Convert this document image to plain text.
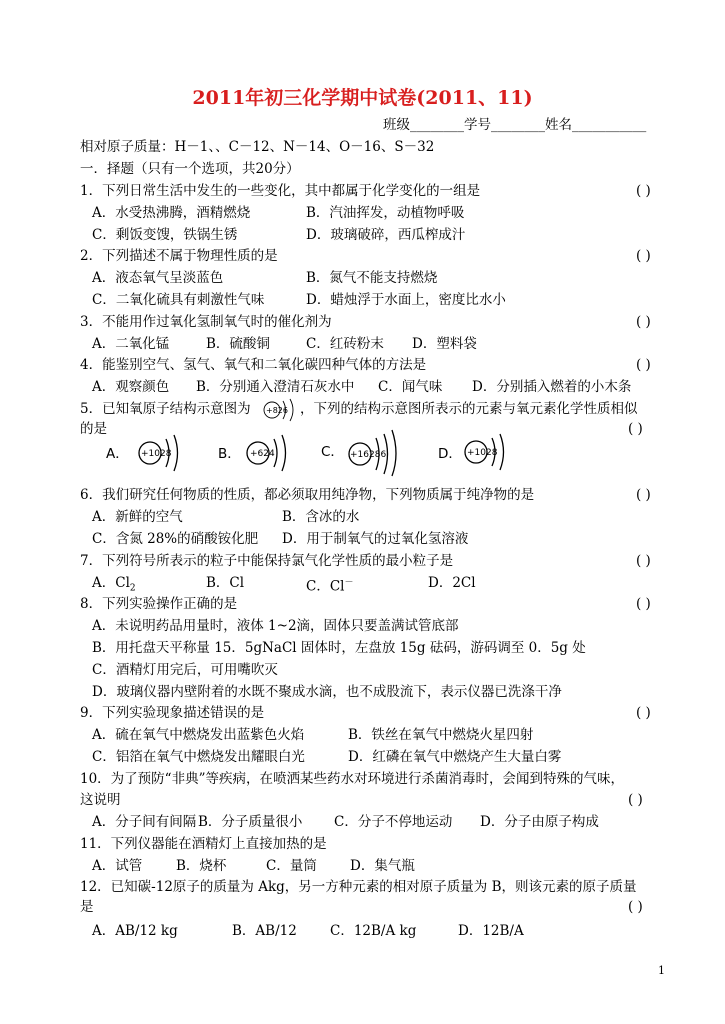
2011年初三化学期中试卷(2011、11)
班级________学号________姓名___________
相对原子质量：H－1、、C－12、N－14、O－16、S－32
一．择题（只有一个选项，共20分）
1．下列日常生活中发生的一些变化，其中都属于化学变化的一组是	( )
A．水受热沸腾，酒精燃烧	B．汽油挥发，动植物呼吸
C．剩饭变馊，铁锅生锈	D．玻璃破碎，西瓜榨成汁
2．下列描述不属于物理性质的是	( )
A．液态氧气呈淡蓝色	B．氮气不能支持燃烧
C．二氧化硫具有刺激性气味	D．蜡烛浮于水面上，密度比水小
3．不能用作过氧化氢制氧气时的催化剂为	( )
A．二氧化锰	B．硫酸铜	C．红砖粉末 D．塑料袋
4．能鉴别空气、氢气、氧气和二氧化碳四种气体的方法是	( )
A．观察颜色 B．分别通入澄清石灰水中 C．闻气味 D．分别插入燃着的小木条
5．已知氧原子结构示意图为 +826 ，下列的结构示意图所表示的元素与氧元素化学性质相似
的是	( )
A． +1028	B． +624	C． +16286	D． +1028
6．我们研究任何物质的性质，都必须取用纯净物，下列物质属于纯净物的是	( )
A．新鲜的空气	B．含冰的水
C．含氮 28%的硝酸铵化肥 D．用于制氧气的过氧化氢溶液
7．下列符号所表示的粒子中能保持氯气化学性质的最小粒子是	( )
A．$Cl_2$	B．Cl	C．Cl－	D．2Cl
8．下列实验操作正确的是	( )
A．未说明药品用量时，液体 1~2滴，固体只要盖满试管底部
B．用托盘天平称量 15．5gNaCl 固体时，左盘放 15g 砝码，游码调至 0．5g 处
C．酒精灯用完后，可用嘴吹灭
D．玻璃仪器内壁附着的水既不聚成水滴，也不成股流下，表示仪器已洗涤干净
9．下列实验现象描述错误的是	( )
A．硫在氧气中燃烧发出蓝紫色火焰	B．铁丝在氧气中燃烧火星四射
C．铝箔在氧气中燃烧发出耀眼白光	D．红磷在氧气中燃烧产生大量白雾
10．为了预防“非典”等疾病，在喷洒某些药水对环境进行杀菌消毒时，会闻到特殊的气味，
这说明	( )
A．分子间有间隔 B．分子质量很小 C．分子不停地运动 D．分子由原子构成
11．下列仪器能在酒精灯上直接加热的是
A．试管	B．烧杯	C．量筒 D．集气瓶
12．已知碳-12原子的质量为 Akg，另一方种元素的相对原子质量为 B，则该元素的原子质量
是	( )
A．AB/12 kg	B．AB/12 C．12B/A kg	D．12B/A
1
